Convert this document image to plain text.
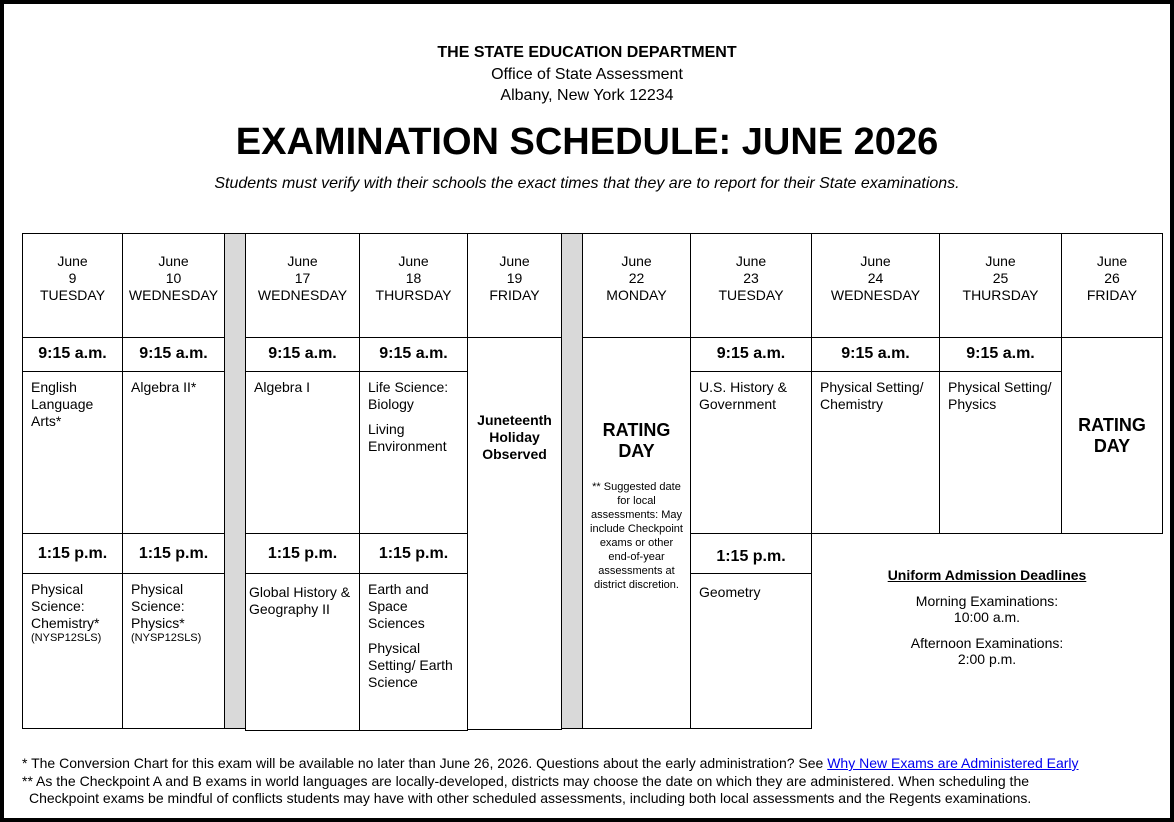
THE STATE EDUCATION DEPARTMENT
Office of State Assessment
Albany, New York 12234
EXAMINATION SCHEDULE: JUNE 2026
Students must verify with their schools the exact times that they are to report for their State examinations.
June
9
TUESDAY
June
10
WEDNESDAY
June
17
WEDNESDAY
June
18
THURSDAY
June
19
FRIDAY
June
22
MONDAY
June
23
TUESDAY
June
24
WEDNESDAY
June
25
THURSDAY
June
26
FRIDAY
9:15 a.m.

English Language Arts*

1:15 p.m.
Physical Science: Chemistry*
(NYSP12SLS)
9:15 a.m.

Algebra II*

1:15 p.m.
Physical Science: Physics*
(NYSP12SLS)
9:15 a.m.

Algebra I

1:15 p.m.

Global History & Geography II

9:15 a.m.

Life Science: Biology

Living Environment

1:15 p.m.

Earth and Space Sciences

Physical Setting/ Earth Science

Juneteenth Holiday Observed
RATING DAY
** Suggested date for local assessments: May include Checkpoint exams or other end-of-year assessments at district discretion.
9:15 a.m.

U.S. History & Government

1:15 p.m.

Geometry

9:15 a.m.

Physical Setting/ Chemistry

9:15 a.m.

Physical Setting/ Physics

RATING DAY
Uniform Admission Deadlines
Morning Examinations:
10:00 a.m.
Afternoon Examinations:
2:00 p.m.
* The Conversion Chart for this exam will be available no later than June 26, 2026. Questions about the early administration? See Why New Exams are Administered Early
** As the Checkpoint A and B exams in world languages are locally-developed, districts may choose the date on which they are administered. When scheduling the
Checkpoint exams be mindful of conflicts students may have with other scheduled assessments, including both local assessments and the Regents examinations.
